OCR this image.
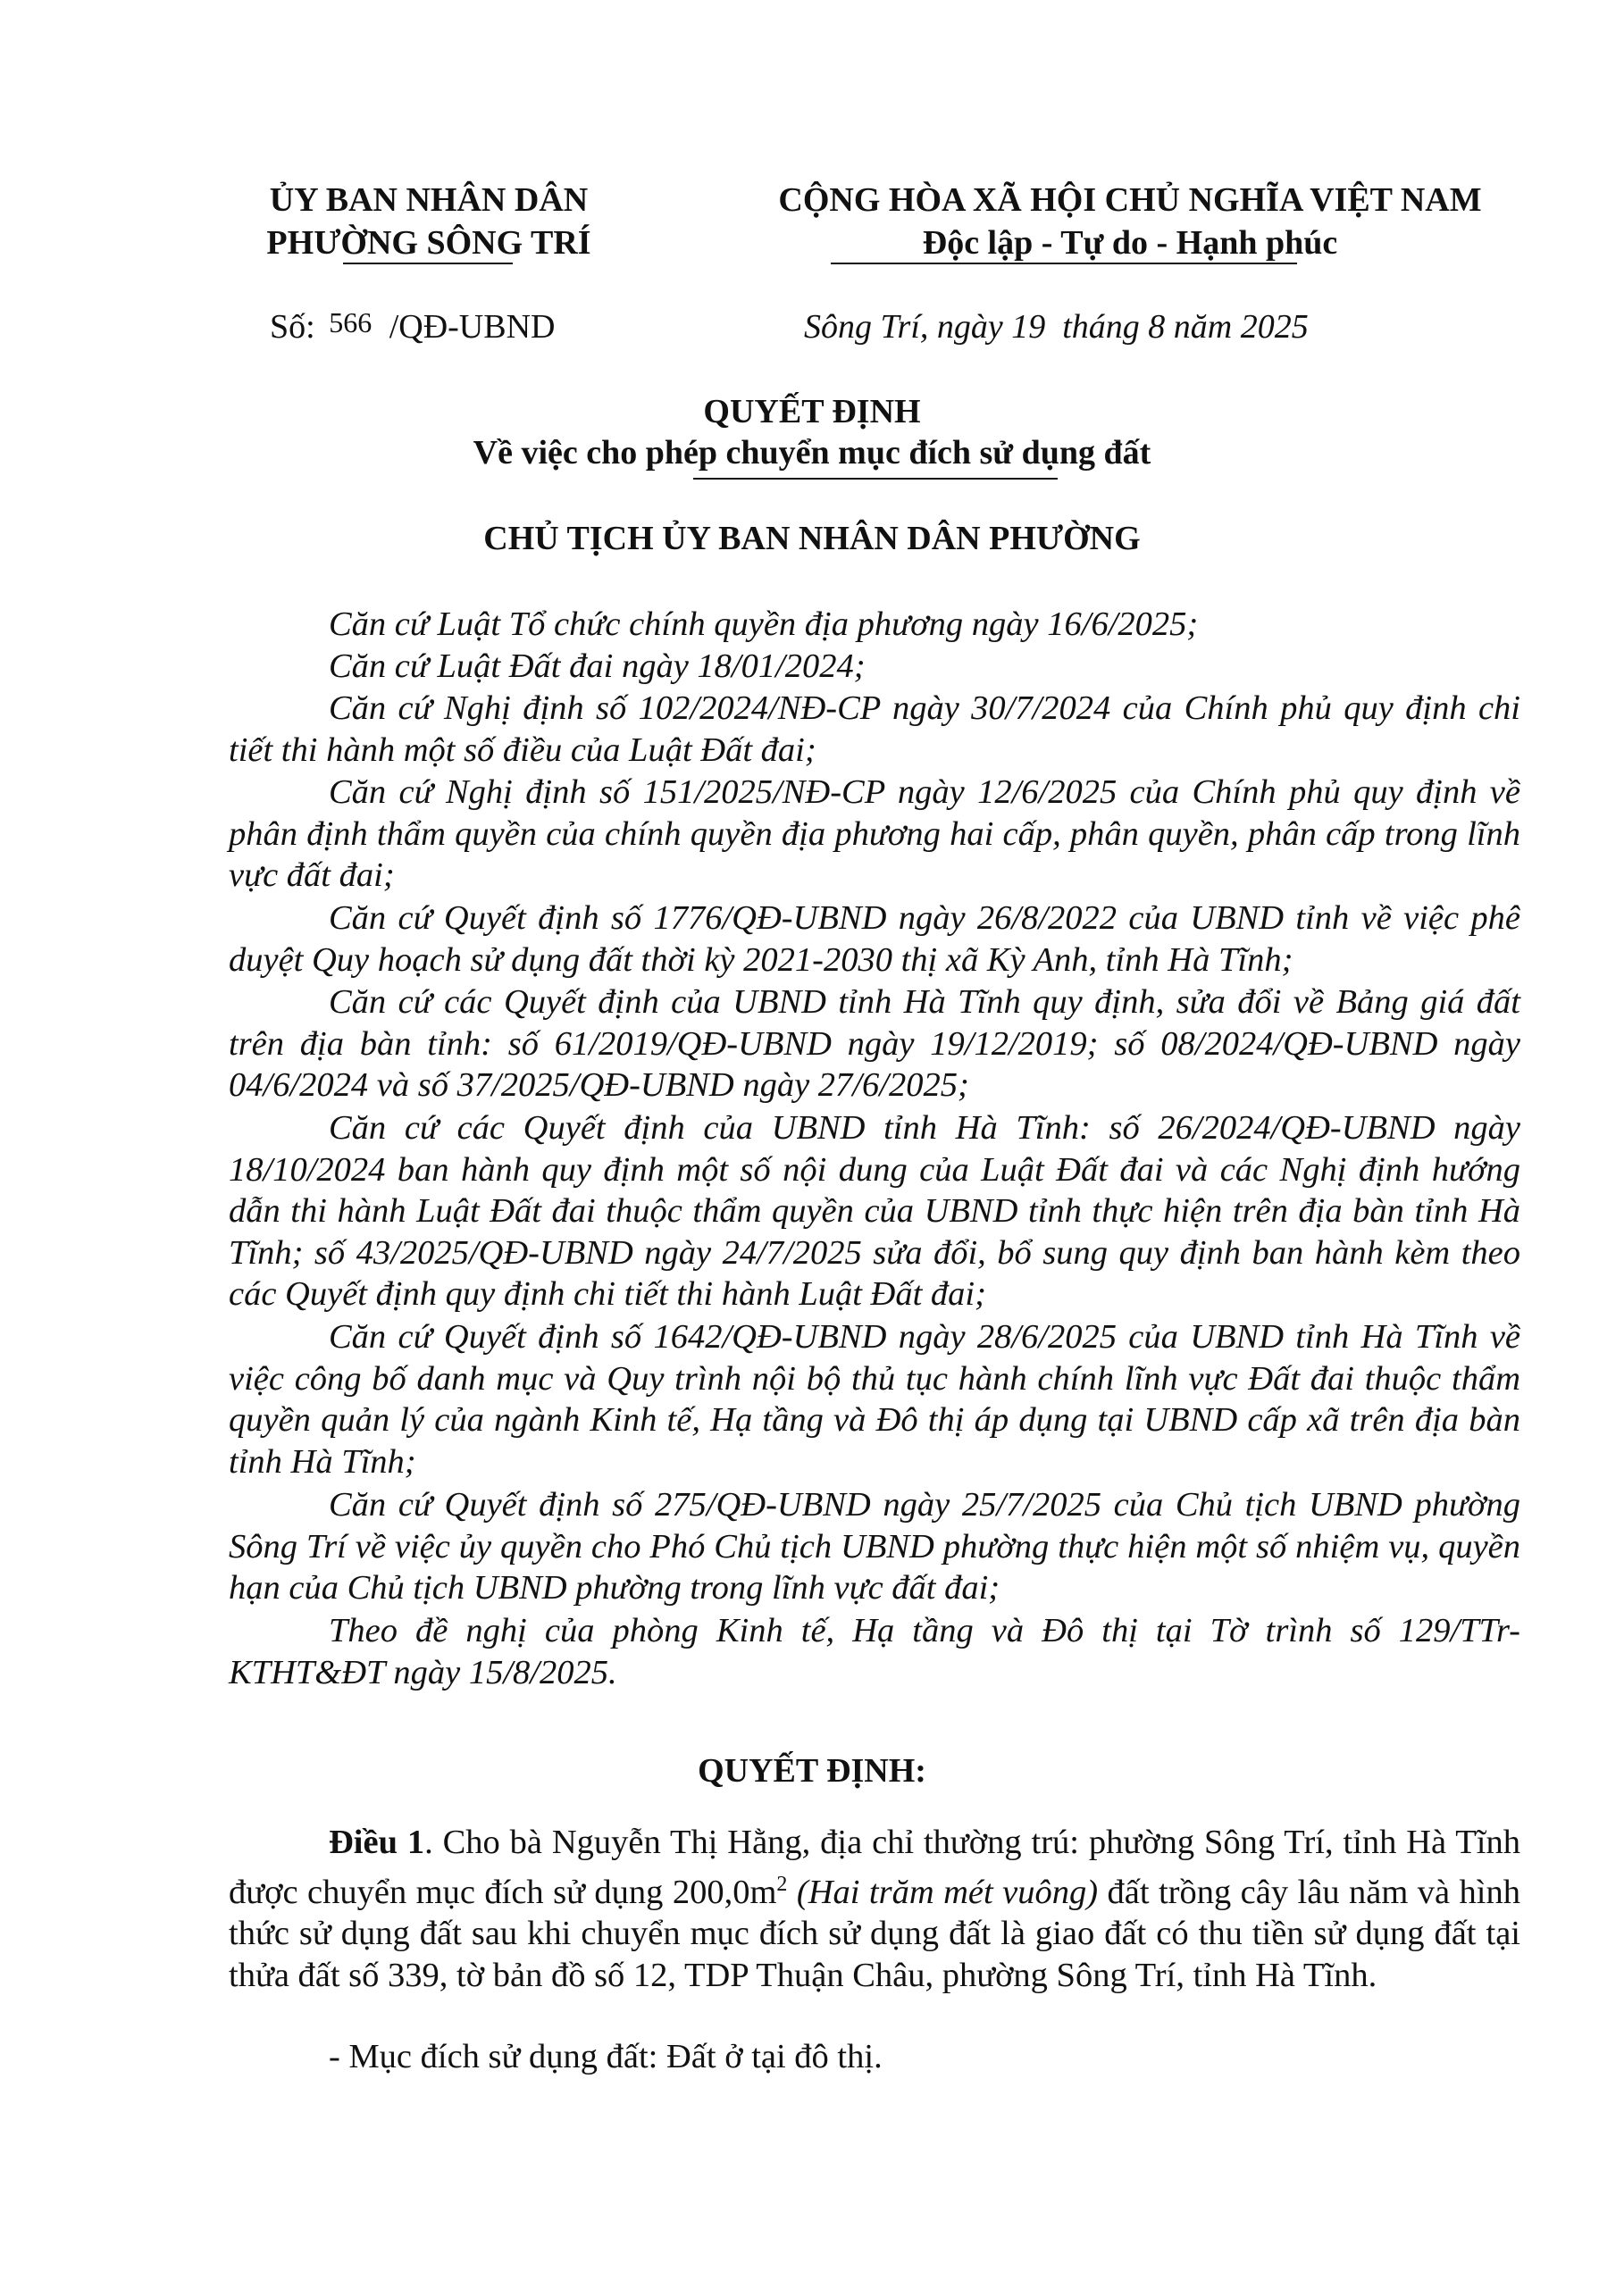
ỦY BAN NHÂN DÂN
PHƯỜNG SÔNG TRÍ
CỘNG HÒA XÃ HỘI CHỦ NGHĨA VIỆT NAM
Độc lập - Tự do - Hạnh phúc
Số: 566 /QĐ-UBND	Sông Trí, ngày 19  tháng 8 năm 2025
QUYẾT ĐỊNH
Về việc cho phép chuyển mục đích sử dụng đất
CHỦ TỊCH ỦY BAN NHÂN DÂN PHƯỜNG
Căn cứ Luật Tổ chức chính quyền địa phương ngày 16/6/2025;
Căn cứ Luật Đất đai ngày 18/01/2024;
Căn cứ Nghị định số 102/2024/NĐ-CP ngày 30/7/2024 của Chính phủ quy định chi tiết thi hành một số điều của Luật Đất đai;
Căn cứ Nghị định số 151/2025/NĐ-CP ngày 12/6/2025 của Chính phủ quy định về phân định thẩm quyền của chính quyền địa phương hai cấp, phân quyền, phân cấp trong lĩnh vực đất đai;
Căn cứ Quyết định số 1776/QĐ-UBND ngày 26/8/2022 của UBND tỉnh về việc phê duyệt Quy hoạch sử dụng đất thời kỳ 2021-2030 thị xã Kỳ Anh, tỉnh Hà Tĩnh;
Căn cứ các Quyết định của UBND tỉnh Hà Tĩnh quy định, sửa đổi về Bảng giá đất trên địa bàn tỉnh: số 61/2019/QĐ-UBND ngày 19/12/2019; số 08/2024/QĐ-UBND ngày 04/6/2024 và số 37/2025/QĐ-UBND ngày 27/6/2025;
Căn cứ các Quyết định của UBND tỉnh Hà Tĩnh: số 26/2024/QĐ-UBND ngày 18/10/2024 ban hành quy định một số nội dung của Luật Đất đai và các Nghị định hướng dẫn thi hành Luật Đất đai thuộc thẩm quyền của UBND tỉnh thực hiện trên địa bàn tỉnh Hà Tĩnh; số 43/2025/QĐ-UBND ngày 24/7/2025 sửa đổi, bổ sung quy định ban hành kèm theo các Quyết định quy định chi tiết thi hành Luật Đất đai;
Căn cứ Quyết định số 1642/QĐ-UBND ngày 28/6/2025 của UBND tỉnh Hà Tĩnh về việc công bố danh mục và Quy trình nội bộ thủ tục hành chính lĩnh vực Đất đai thuộc thẩm quyền quản lý của ngành Kinh tế, Hạ tầng và Đô thị áp dụng tại UBND cấp xã trên địa bàn tỉnh Hà Tĩnh;
Căn cứ Quyết định số 275/QĐ-UBND ngày 25/7/2025 của Chủ tịch UBND phường Sông Trí về việc ủy quyền cho Phó Chủ tịch UBND phường thực hiện một số nhiệm vụ, quyền hạn của Chủ tịch UBND phường trong lĩnh vực đất đai;
Theo đề nghị của phòng Kinh tế, Hạ tầng và Đô thị tại Tờ trình số 129/TTr-KTHT&ĐT ngày 15/8/2025.
QUYẾT ĐỊNH:
Điều 1. Cho bà Nguyễn Thị Hằng, địa chỉ thường trú: phường Sông Trí, tỉnh Hà Tĩnh được chuyển mục đích sử dụng $200,0m^2$ (Hai trăm mét vuông) đất trồng cây lâu năm và hình thức sử dụng đất sau khi chuyển mục đích sử dụng đất là giao đất có thu tiền sử dụng đất tại thửa đất số 339, tờ bản đồ số 12, TDP Thuận Châu, phường Sông Trí, tỉnh Hà Tĩnh.
- Mục đích sử dụng đất: Đất ở tại đô thị.
